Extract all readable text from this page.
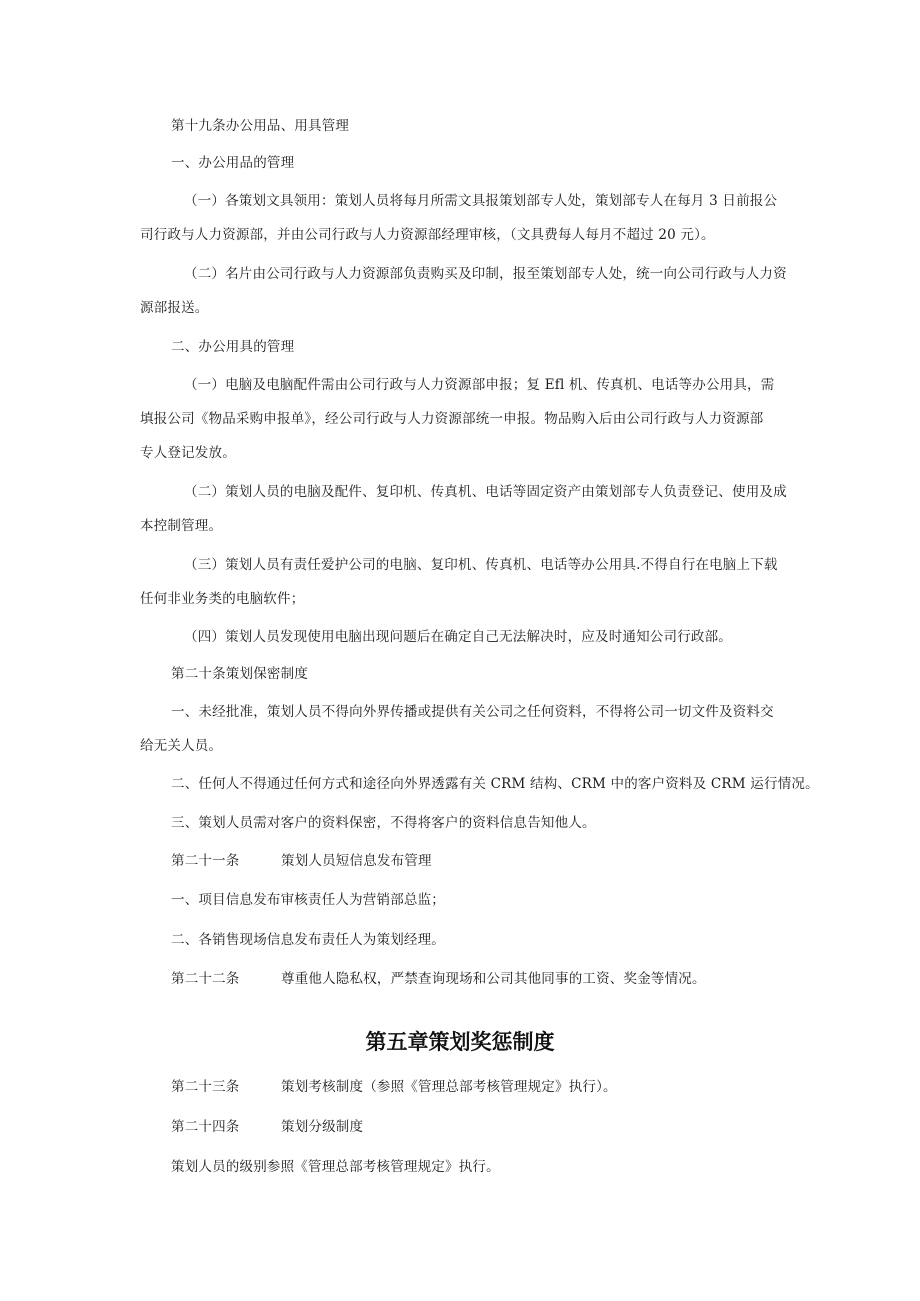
第十九条办公用品、用具管理
一、办公用品的管理
（一）各策划文具领用：策划人员将每月所需文具报策划部专人处，策划部专人在每月 3 日前报公
司行政与人力资源部，并由公司行政与人力资源部经理审核，（文具费每人每月不超过 20 元）。
（二）名片由公司行政与人力资源部负责购买及印制，报至策划部专人处，统一向公司行政与人力资
源部报送。
二、办公用具的管理
（一）电脑及电脑配件需由公司行政与人力资源部申报；复 Efl 机、传真机、电话等办公用具，需
填报公司《物品采购申报单》，经公司行政与人力资源部统一申报。物品购入后由公司行政与人力资源部
专人登记发放。
（二）策划人员的电脑及配件、复印机、传真机、电话等固定资产由策划部专人负责登记、使用及成
本控制管理。
（三）策划人员有责任爱护公司的电脑、复印机、传真机、电话等办公用具.不得自行在电脑上下载
任何非业务类的电脑软件；
（四）策划人员发现使用电脑出现问题后在确定自己无法解决时，应及时通知公司行政部。
第二十条策划保密制度
一、未经批准，策划人员不得向外界传播或提供有关公司之任何资料，不得将公司一切文件及资料交
给无关人员。
二、任何人不得通过任何方式和途径向外界透露有关 CRM 结构、CRM 中的客户资料及 CRM 运行情况。
三、策划人员需对客户的资料保密，不得将客户的资料信息告知他人。
第二十一条	策划人员短信息发布管理
一、项目信息发布审核责任人为营销部总监；
二、各销售现场信息发布责任人为策划经理。
第二十二条	尊重他人隐私权，严禁查询现场和公司其他同事的工资、奖金等情况。
第五章策划奖惩制度
第二十三条	策划考核制度（参照《管理总部考核管理规定》执行）。
第二十四条	策划分级制度
策划人员的级别参照《管理总部考核管理规定》执行。
